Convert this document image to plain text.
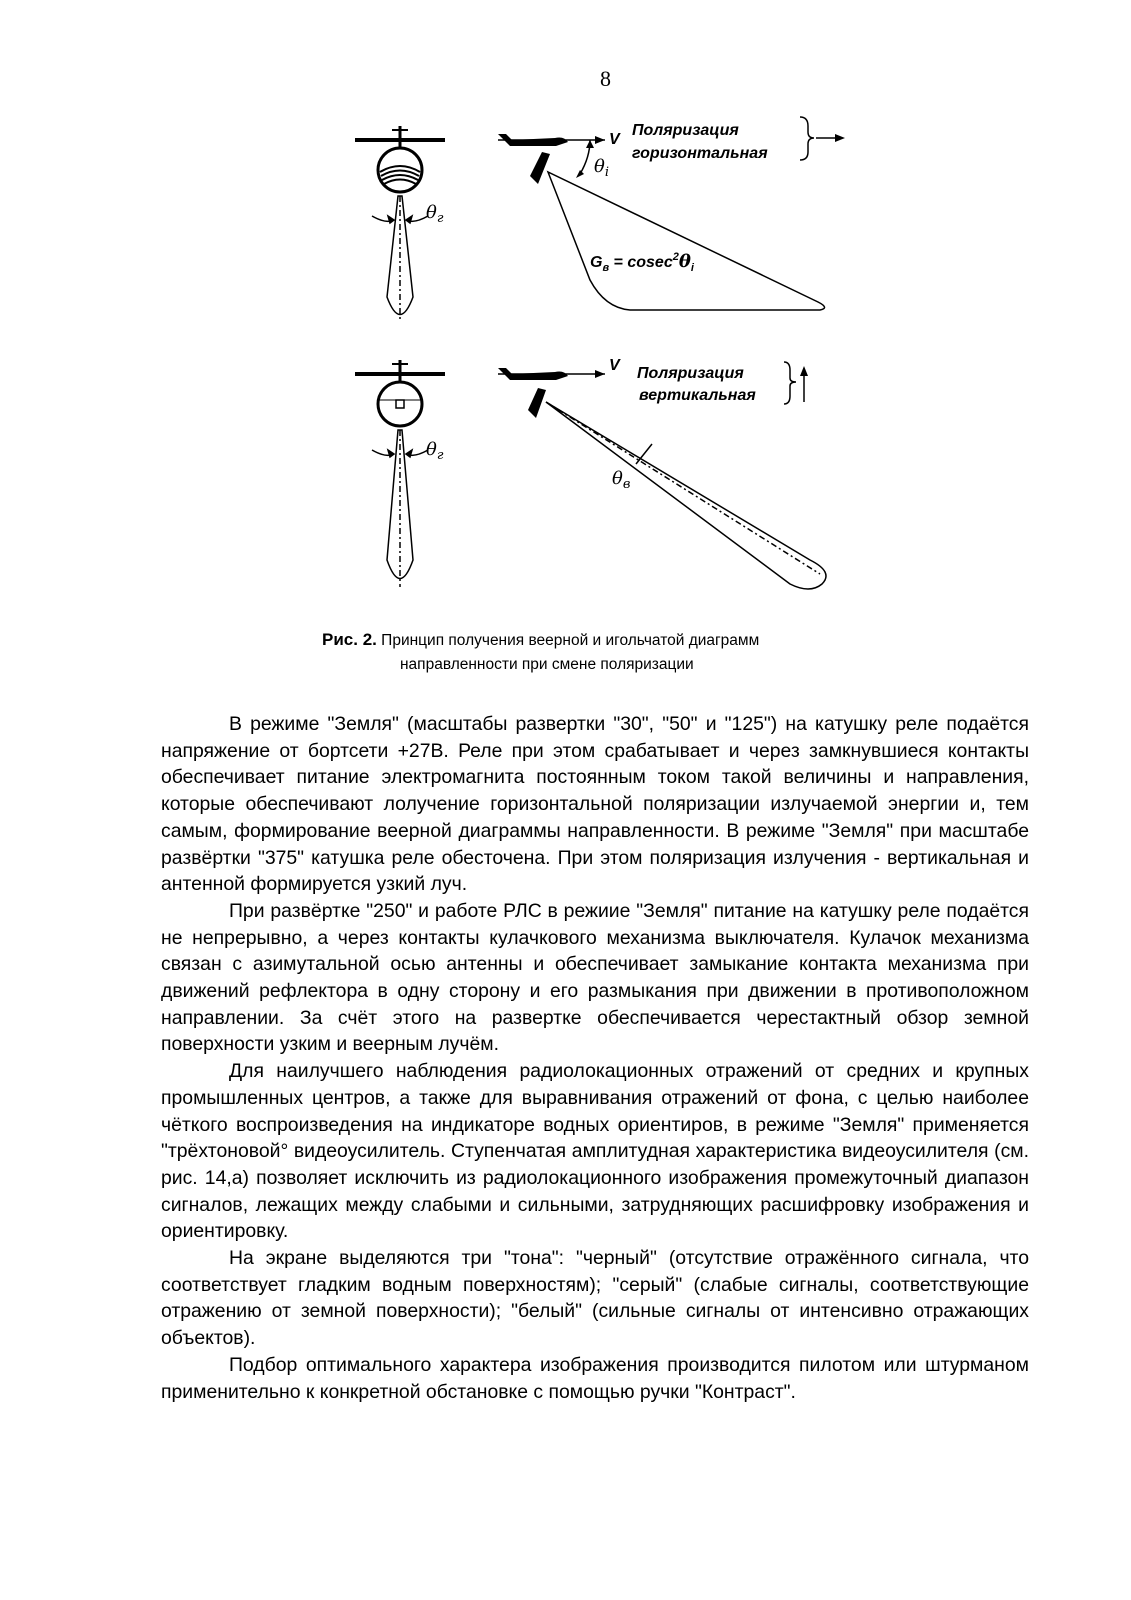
8
$\theta_г$
V
Поляризация
горизонтальная
$\theta_i$
$G_в = cosec^2\theta_i$
$\theta_г$
V Поляризация
вертикальная
$\theta_в$
Рис. 2. Принцип получения веерной и игольчатой диаграмм
направленности при смене поляризации

В режиме "Земля" (масштабы развертки "30", "50" и "125") на катушку реле подаётся напряжение от бортсети +27В. Реле при этом срабатывает и через замкнувшиеся контакты обеспечивает питание электромагнита постоянным током такой величины и направления, которые обеспечивают лолучение горизонтальной поляризации излучаемой энергии и, тем самым, формирование веерной диаграммы направленности. В режиме "Земля" при масштабе развёртки "375" катушка реле обесточена. При этом поляризация излучения - вертикальная и антенной формируется узкий луч.

При развёртке "250" и работе РЛС в режиие "Земля" питание на катушку реле подаётся не непрерывно, а через контакты кулачкового механизма выключателя. Кулачок механизма связан с азимутальной осью антенны и обеспечивает замыкание контакта механизма при движений рефлектора в одну сторону и его размыкания при движении в противоположном направлении. За счёт этого на развертке обеспечивается черестактный обзор земной поверхности узким и веерным лучём.

Для наилучшего наблюдения радиолокационных отражений от средних и крупных промышленных центров, а также для выравнивания отражений от фона, с целью наиболее чёткого воспроизведения на индикаторе водных ориентиров, в режиме "Земля" применяется "трёхтоновой° видеоусилитель. Ступенчатая амплитудная характеристика видеоусилителя (см. рис. 14,а) позволяет исключить из радиолокационного изображения промежуточный диапазон сигналов, лежащих между слабыми и сильными, затрудняющих расшифровку изображения и ориентировку.

На экране выделяются три "тона": "черный" (отсутствие отражённого сигнала, что соответствует гладким водным поверхностям); "серый" (слабые сигналы, соответствующие отражению от земной поверхности); "белый" (сильные сигналы от интенсивно отражающих объектов).

Подбор оптимального характера изображения производится пилотом или штурманом применительно к конкретной обстановке с помощью ручки "Контраст".
